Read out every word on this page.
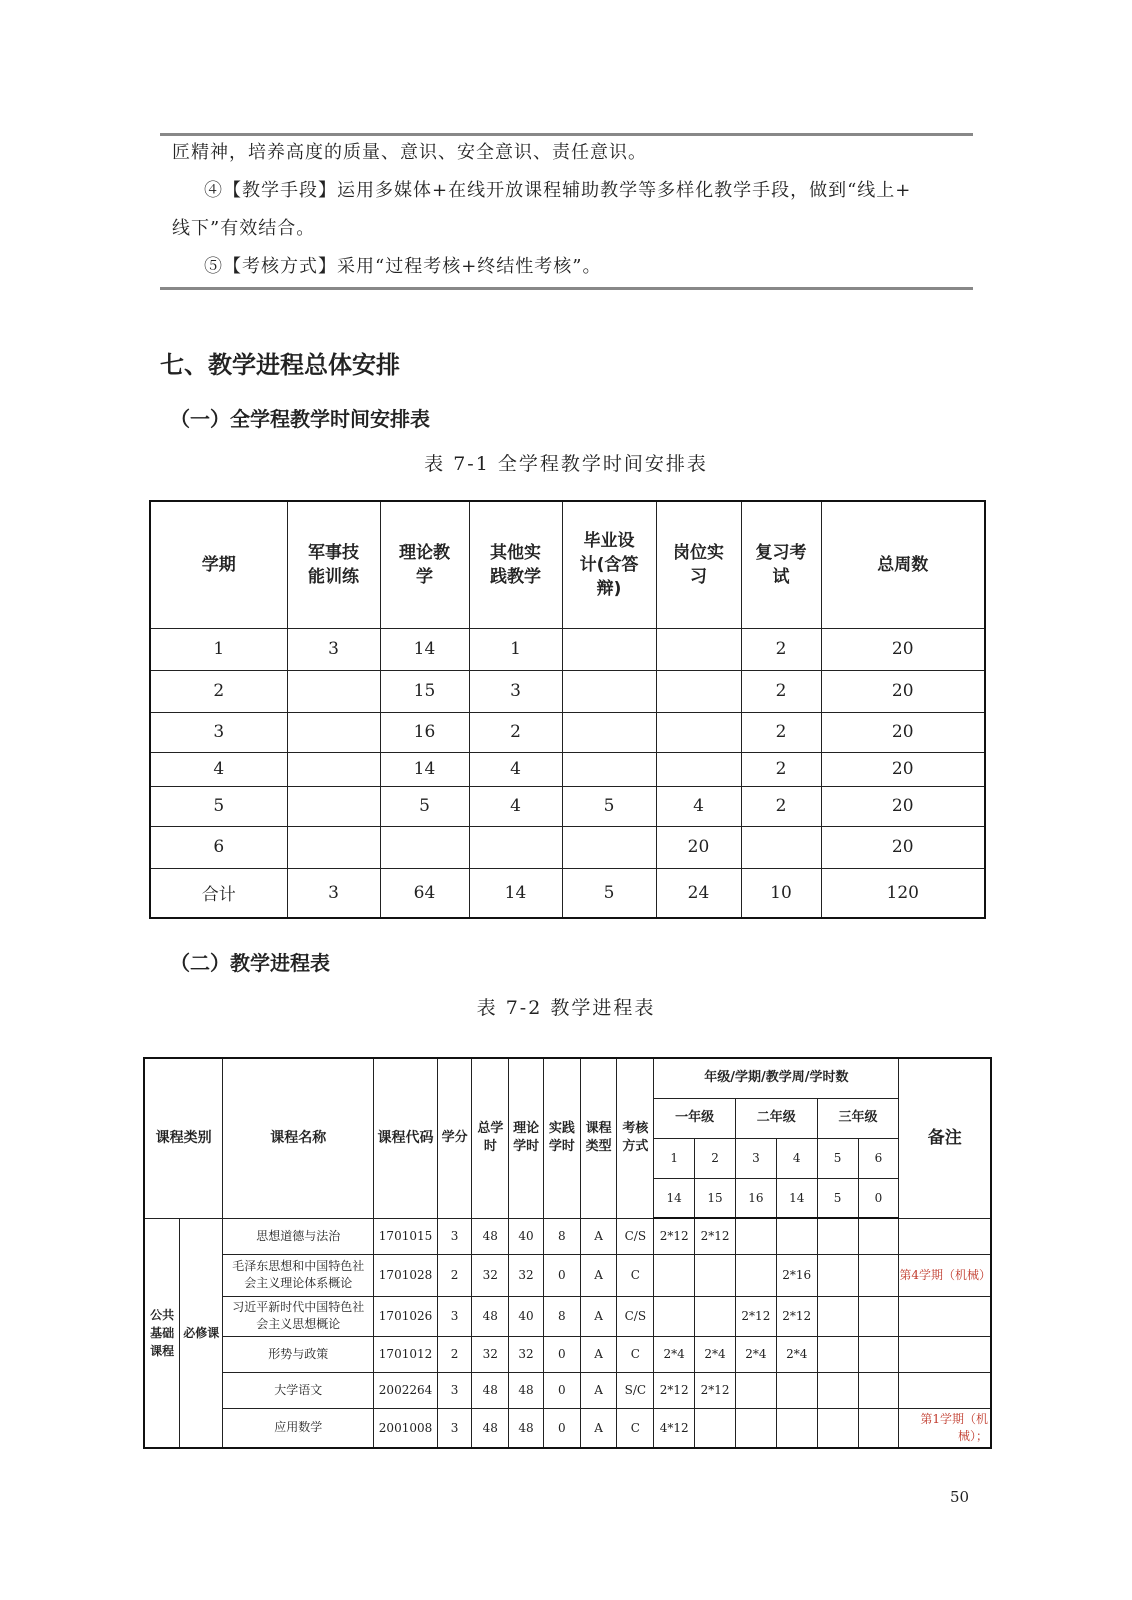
匠精神，培养高度的质量、意识、安全意识、责任意识。
④【教学手段】运用多媒体+在线开放课程辅助教学等多样化教学手段，做到“线上+
线下”有效结合。
⑤【考核方式】采用“过程考核+终结性考核”。
七、教学进程总体安排
（一）全学程教学时间安排表
表 7-1 全学程教学时间安排表
学期	军事技能训练	理论教学	其他实践教学	毕业设计(含答辩)	岗位实习	复习考试	总周数
1	3	14	1			2	20
2		15	3			2	20
3		16	2			2	20
4		14	4			2	20
5		5	4	5	4	2	20
6					20		20
合计	3	64	14	5	24	10	120
（二）教学进程表
表 7-2 教学进程表
课程类别		课程名称	课程代码	学分	总学时	理论学时	实践学时	课程类型	考核方式	年级/学期/教学周/学时数						备注
										一年级		二年级		三年级		
										1	2	3	4	5	6	
										14	15	16	14	5	0	
公共基础课程	必修课	思想道德与法治	1701015	3	48	40	8	A	C/S	2*12	2*12					
		毛泽东思想和中国特色社会主义理论体系概论	1701028	2	32	32	0	A	C				2*16			第4学期（机械）
		习近平新时代中国特色社会主义思想概论	1701026	3	48	40	8	A	C/S			2*12	2*12			
		形势与政策	1701012	2	32	32	0	A	C	2*4	2*4	2*4	2*4			
		大学语文	2002264	3	48	48	0	A	S/C	2*12	2*12					
		应用数学	2001008	3	48	48	0	A	C	4*12						第1学期（机械）；
50
